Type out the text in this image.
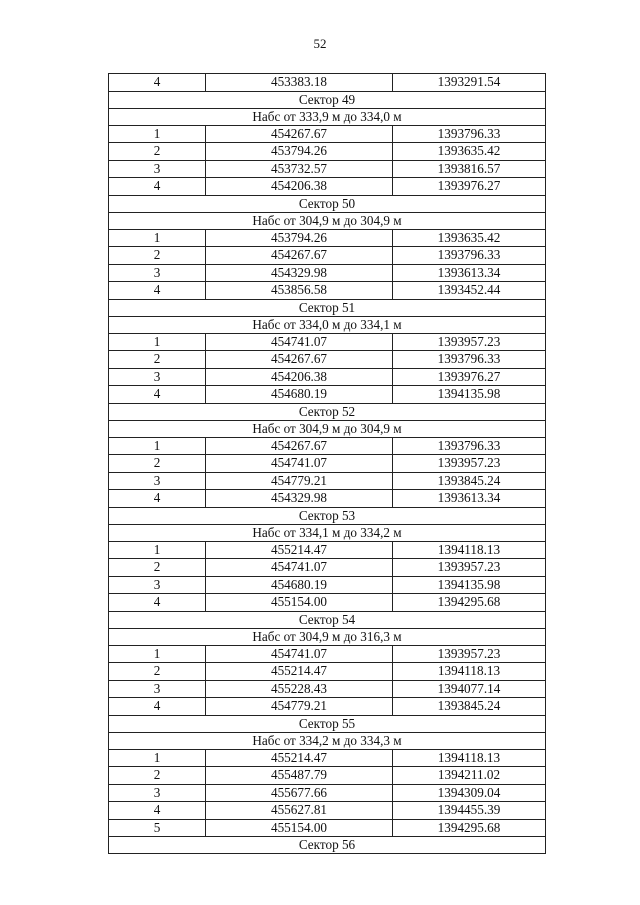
52
4	453383.18	1393291.54
Сектор 49		
Набс от 333,9 м до 334,0 м		
1	454267.67	1393796.33
2	453794.26	1393635.42
3	453732.57	1393816.57
4	454206.38	1393976.27
Сектор 50		
Набс от 304,9 м до 304,9 м		
1	453794.26	1393635.42
2	454267.67	1393796.33
3	454329.98	1393613.34
4	453856.58	1393452.44
Сектор 51		
Набс от 334,0 м до 334,1 м		
1	454741.07	1393957.23
2	454267.67	1393796.33
3	454206.38	1393976.27
4	454680.19	1394135.98
Сектор 52		
Набс от 304,9 м до 304,9 м		
1	454267.67	1393796.33
2	454741.07	1393957.23
3	454779.21	1393845.24
4	454329.98	1393613.34
Сектор 53		
Набс от 334,1 м до 334,2 м		
1	455214.47	1394118.13
2	454741.07	1393957.23
3	454680.19	1394135.98
4	455154.00	1394295.68
Сектор 54		
Набс от 304,9 м до 316,3 м		
1	454741.07	1393957.23
2	455214.47	1394118.13
3	455228.43	1394077.14
4	454779.21	1393845.24
Сектор 55		
Набс от 334,2 м до 334,3 м		
1	455214.47	1394118.13
2	455487.79	1394211.02
3	455677.66	1394309.04
4	455627.81	1394455.39
5	455154.00	1394295.68
Сектор 56		
